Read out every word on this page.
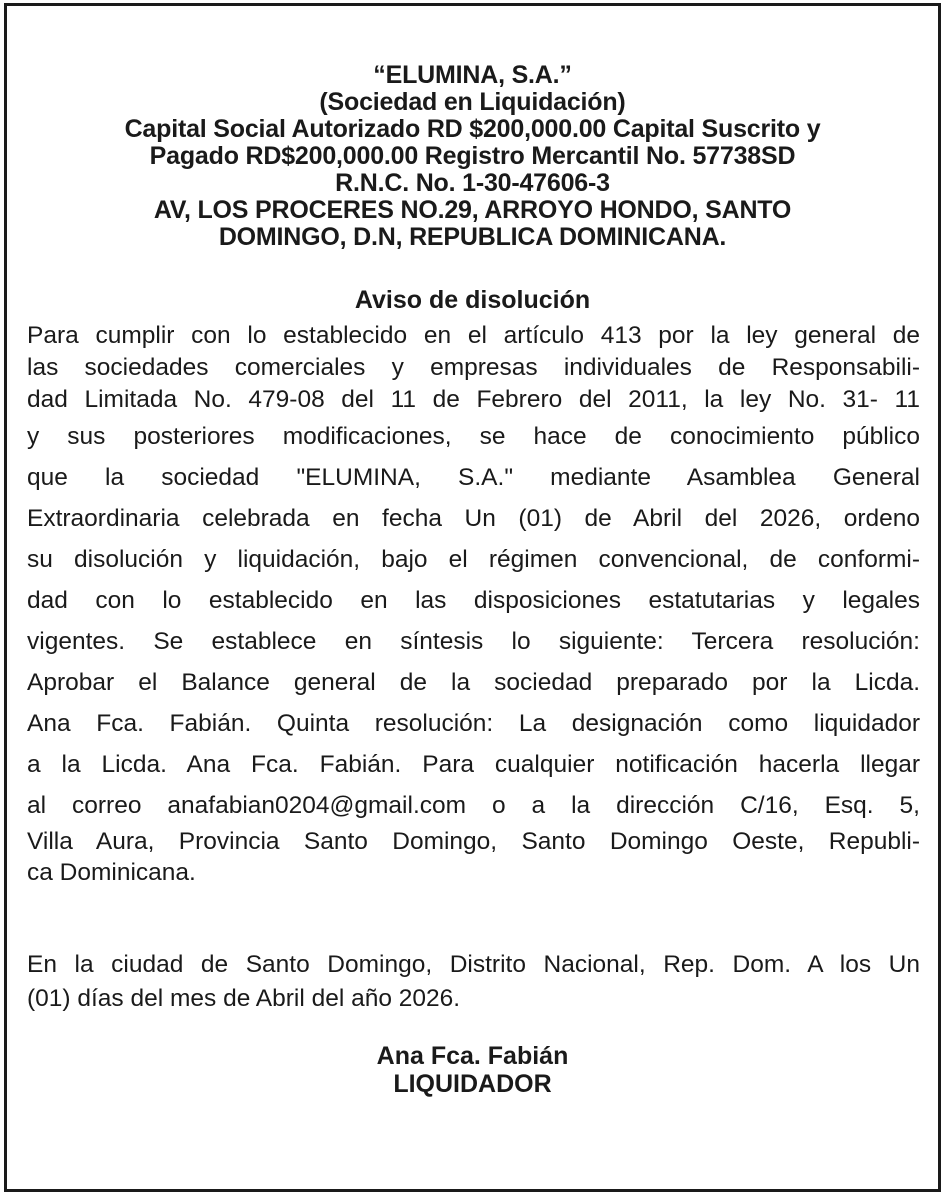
“ELUMINA, S.A.”
(Sociedad en Liquidación)
Capital Social Autorizado RD $200,000.00 Capital Suscrito y
Pagado RD$200,000.00 Registro Mercantil No. 57738SD
R.N.C. No. 1-30-47606-3
AV, LOS PROCERES NO.29, ARROYO HONDO, SANTO
DOMINGO, D.N, REPUBLICA DOMINICANA.
Aviso de disolución
Para cumplir con lo establecido en el artículo 413 por la ley general de
las sociedades comerciales y empresas individuales de Responsabili-
dad Limitada No. 479-08 del 11 de Febrero del 2011, la ley No. 31- 11
y sus posteriores modificaciones, se hace de conocimiento público
que la sociedad "ELUMINA, S.A." mediante Asamblea General
Extraordinaria celebrada en fecha Un (01) de Abril del 2026, ordeno
su disolución y liquidación, bajo el régimen convencional, de conformi-
dad con lo establecido en las disposiciones estatutarias y legales
vigentes. Se establece en síntesis lo siguiente: Tercera resolución:
Aprobar el Balance general de la sociedad preparado por la Licda.
Ana Fca. Fabián. Quinta resolución: La designación como liquidador
a la Licda. Ana Fca. Fabián. Para cualquier notificación hacerla llegar
al correo anafabian0204@gmail.com o a la dirección C/16, Esq. 5,
Villa Aura, Provincia Santo Domingo, Santo Domingo Oeste, Republi-
ca Dominicana.
En la ciudad de Santo Domingo, Distrito Nacional, Rep. Dom. A los Un
(01) días del mes de Abril del año 2026.
Ana Fca. Fabián
LIQUIDADOR
